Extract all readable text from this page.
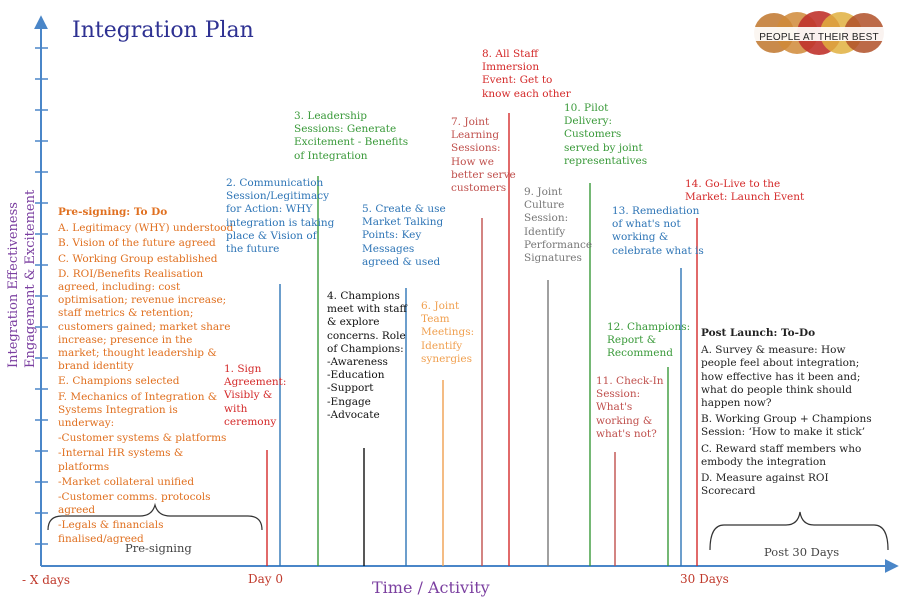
Integration Plan	PEOPLE AT THEIR BEST
Integration Effectiveness Engagement & Excitement
Time / Activity
- X days	Day 0	30 Days
Pre-signing: To Do
A. Legitimacy (WHY) understood
B. Vision of the future agreed
C. Working Group established
D. ROI/Benefits Realisation agreed, including: cost optimisation; revenue increase; staff metrics & retention; customers gained; market share increase; presence in the market; thought leadership & brand identity
E. Champions selected
F. Mechanics of Integration & Systems Integration is underway:
-Customer systems & platforms
-Internal HR systems & platforms
-Market collateral unified
-Customer comms. protocols agreed
-Legals & financials finalised/agreed
Pre-signing
Post Launch: To-Do
A. Survey & measure: How people feel about integration; how effective has it been and; what do people think should happen now?
B. Working Group + Champions Session: ‘How to make it stick’
C. Reward staff members who embody the integration
D. Measure against ROI Scorecard
Post 30 Days
1. Sign
Agreement:
Visibly &
with
ceremony
2. Communication
Session/Legitimacy
for Action: WHY
integration is taking
place & Vision of
the future
3. Leadership
Sessions: Generate
Excitement - Benefits
of Integration
4. Champions
meet with staff
& explore
concerns. Role
of Champions:
-Awareness
-Education
-Support
-Engage
-Advocate
5. Create & use
Market Talking
Points: Key
Messages
agreed & used
6. Joint
Team
Meetings:
Identify
synergies
7. Joint
Learning
Sessions:
How we
better serve
customers
8. All Staff
Immersion
Event: Get to
know each other
9. Joint
Culture
Session:
Identify
Performance
Signatures
10. Pilot
Delivery:
Customers
served by joint
representatives
11. Check-In
Session:
What's
working &
what's not?
12. Champions:
Report &
Recommend
13. Remediation
of what's not
working &
celebrate what is
14. Go-Live to the
Market: Launch Event
